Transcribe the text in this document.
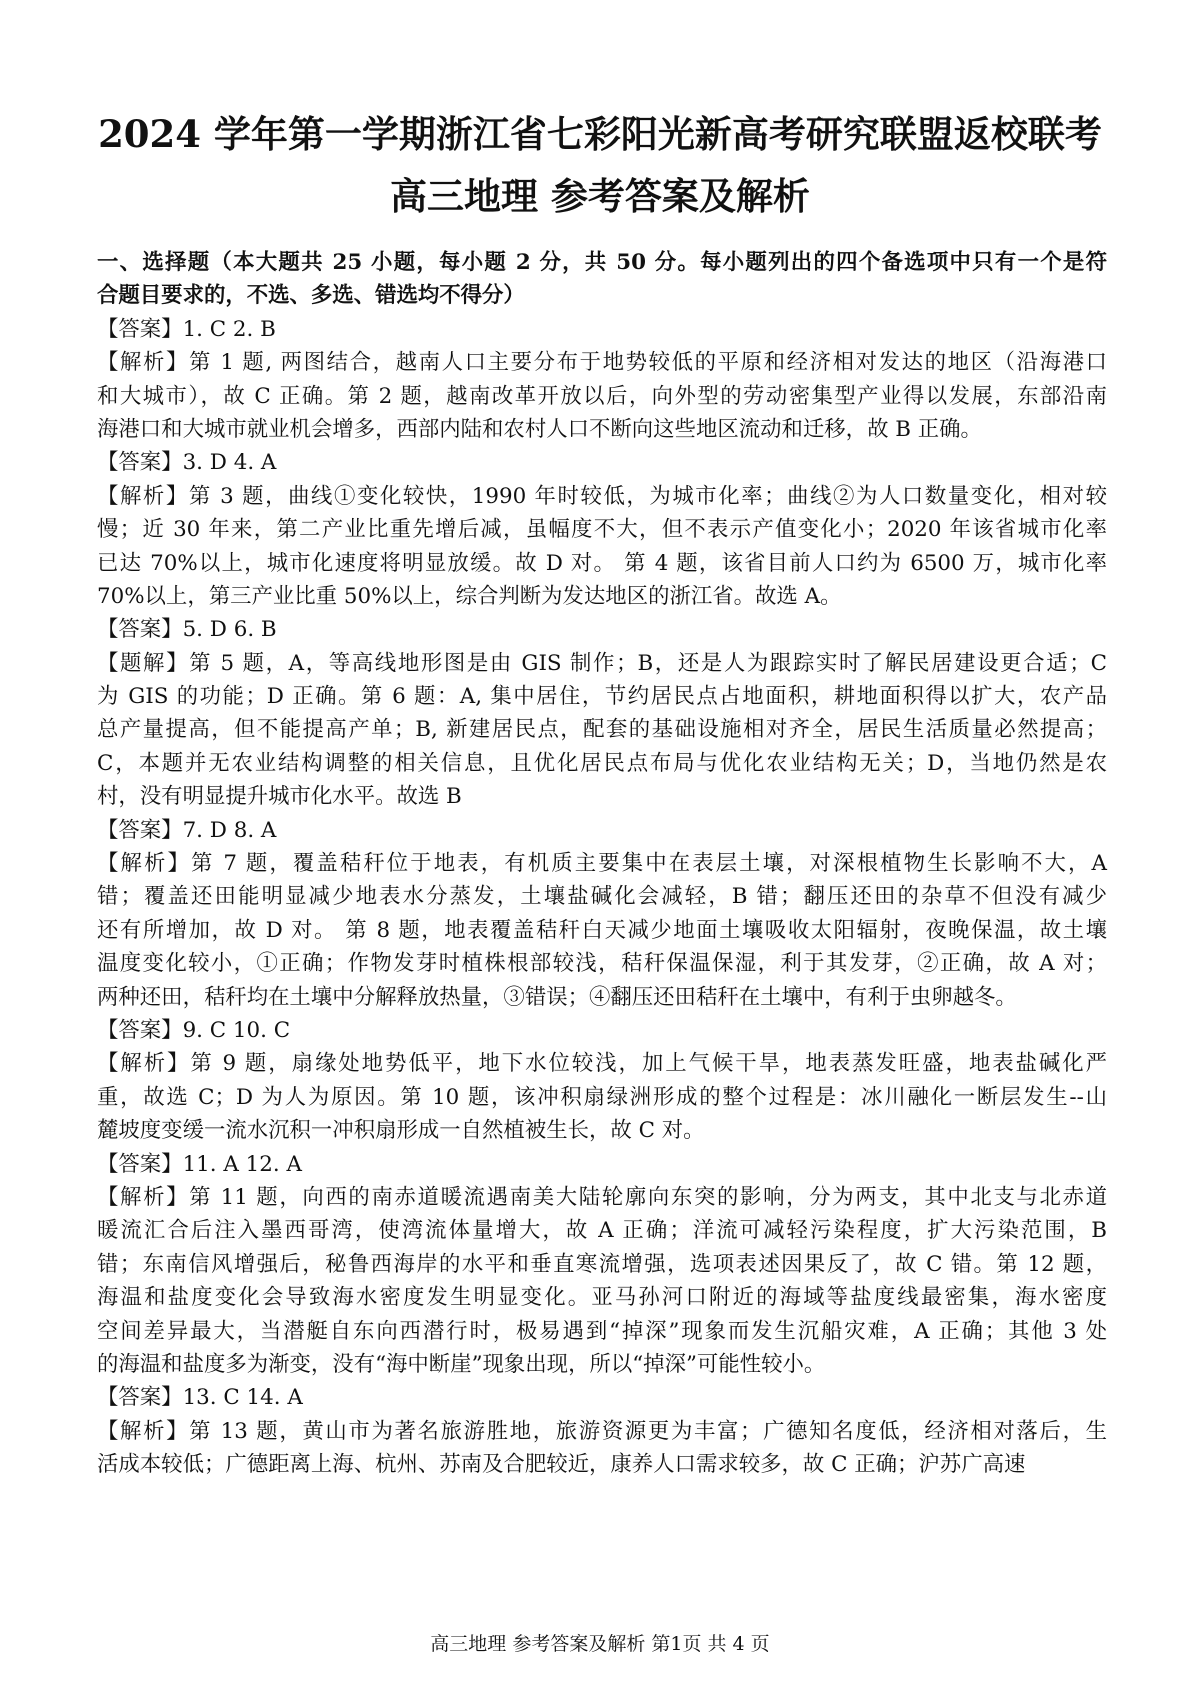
2024 学年第一学期浙江省七彩阳光新高考研究联盟返校联考
高三地理 参考答案及解析
一、选择题（本大题共 25 小题，每小题 2 分，共 50 分。每小题列出的四个备选项中只有一个是符
合题目要求的，不选、多选、错选均不得分）
【答案】1. C 2. B
【解析】第 1 题, 两图结合，越南人口主要分布于地势较低的平原和经济相对发达的地区（沿海港口
和大城市），故 C 正确。第 2 题，越南改革开放以后，向外型的劳动密集型产业得以发展，东部沿南
海港口和大城市就业机会增多，西部内陆和农村人口不断向这些地区流动和迁移，故 B 正确。
【答案】3. D 4. A
【解析】第 3 题，曲线①变化较快，1990 年时较低，为城市化率；曲线②为人口数量变化，相对较
慢；近 30 年来，第二产业比重先增后减，虽幅度不大，但不表示产值变化小；2020 年该省城市化率
已达 70%以上，城市化速度将明显放缓。故 D 对。 第 4 题，该省目前人口约为 6500 万，城市化率
70%以上，第三产业比重 50%以上，综合判断为发达地区的浙江省。故选 A。
【答案】5. D 6. B
【题解】第 5 题，A，等高线地形图是由 GIS 制作；B，还是人为跟踪实时了解民居建设更合适；C
为 GIS 的功能；D 正确。第 6 题：A, 集中居住，节约居民点占地面积，耕地面积得以扩大，农产品
总产量提高，但不能提高产单；B, 新建居民点，配套的基础设施相对齐全，居民生活质量必然提高；
C，本题并无农业结构调整的相关信息，且优化居民点布局与优化农业结构无关；D，当地仍然是农
村，没有明显提升城市化水平。故选 B
【答案】7. D 8. A
【解析】第 7 题，覆盖秸秆位于地表，有机质主要集中在表层土壤，对深根植物生长影响不大，A
错；覆盖还田能明显减少地表水分蒸发，土壤盐碱化会减轻，B 错；翻压还田的杂草不但没有减少
还有所增加，故 D 对。 第 8 题，地表覆盖秸秆白天减少地面土壤吸收太阳辐射，夜晚保温，故土壤
温度变化较小，①正确；作物发芽时植株根部较浅，秸秆保温保湿，利于其发芽，②正确，故 A 对；
两种还田，秸秆均在土壤中分解释放热量，③错误；④翻压还田秸秆在土壤中，有利于虫卵越冬。
【答案】9. C 10. C
【解析】第 9 题，扇缘处地势低平，地下水位较浅，加上气候干旱，地表蒸发旺盛，地表盐碱化严
重，故选 C；D 为人为原因。第 10 题，该冲积扇绿洲形成的整个过程是：冰川融化一断层发生--山
麓坡度变缓一流水沉积一冲积扇形成一自然植被生长，故 C 对。
【答案】11. A 12. A
【解析】第 11 题，向西的南赤道暖流遇南美大陆轮廓向东突的影响，分为两支，其中北支与北赤道
暖流汇合后注入墨西哥湾，使湾流体量增大，故 A 正确；洋流可减轻污染程度，扩大污染范围，B
错；东南信风增强后，秘鲁西海岸的水平和垂直寒流增强，选项表述因果反了，故 C 错。第 12 题，
海温和盐度变化会导致海水密度发生明显变化。亚马孙河口附近的海域等盐度线最密集，海水密度
空间差异最大，当潜艇自东向西潜行时，极易遇到“掉深”现象而发生沉船灾难，A 正确；其他 3 处
的海温和盐度多为渐变，没有“海中断崖”现象出现，所以“掉深”可能性较小。
【答案】13. C 14. A
【解析】第 13 题，黄山市为著名旅游胜地，旅游资源更为丰富；广德知名度低，经济相对落后，生
活成本较低；广德距离上海、杭州、苏南及合肥较近，康养人口需求较多，故 C 正确；沪苏广高速
高三地理 参考答案及解析 第1页 共 4 页
